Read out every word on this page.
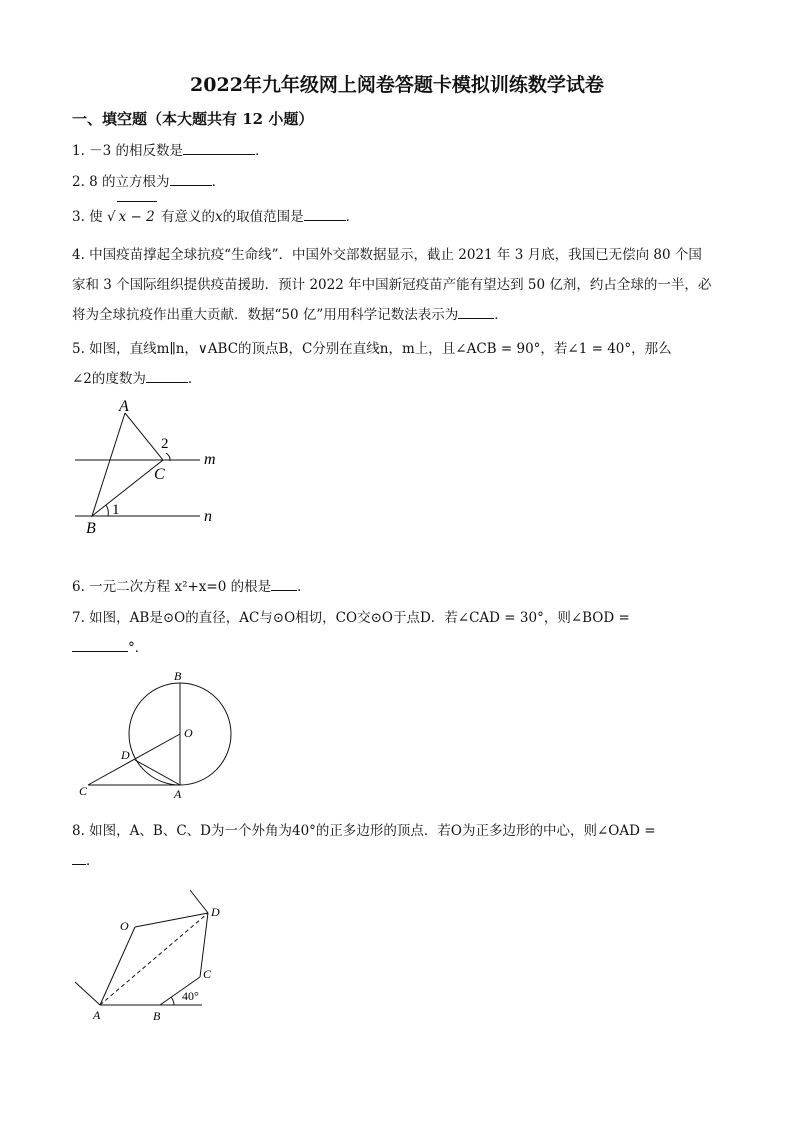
2022年九年级网上阅卷答题卡模拟训练数学试卷
一、填空题（本大题共有 12 小题）
1. －3 的相反数是	．
2. 8 的立方根为	．
3. 使 √ x − 2 有意义的x的取值范围是	．
4. 中国疫苗撑起全球抗疫“生命线”．中国外交部数据显示，截止 2021 年 3 月底，我国已无偿向 80 个国
家和 3 个国际组织提供疫苗援助．预计 2022 年中国新冠疫苗产能有望达到 50 亿剂，约占全球的一半，必
将为全球抗疫作出重大贡献．数据“50 亿”用用科学记数法表示为	．
5. 如图，直线m∥n，∨ABC的顶点B，C分别在直线n，m上，且∠ACB = 90°，若∠1 = 40°，那么
∠2的度数为	．
A
B
C
m
n
1
2
6. 一元二次方程 x²+x=0 的根是 ．
7. 如图，AB是⊙O的直径，AC与⊙O相切，CO交⊙O于点D．若∠CAD = 30°，则∠BOD =
°．
B
O
D
C	A
8. 如图，A、B、C、D为一个外角为40°的正多边形的顶点．若O为正多边形的中心，则∠OAD =
．
O
D
C
A	B
40°
